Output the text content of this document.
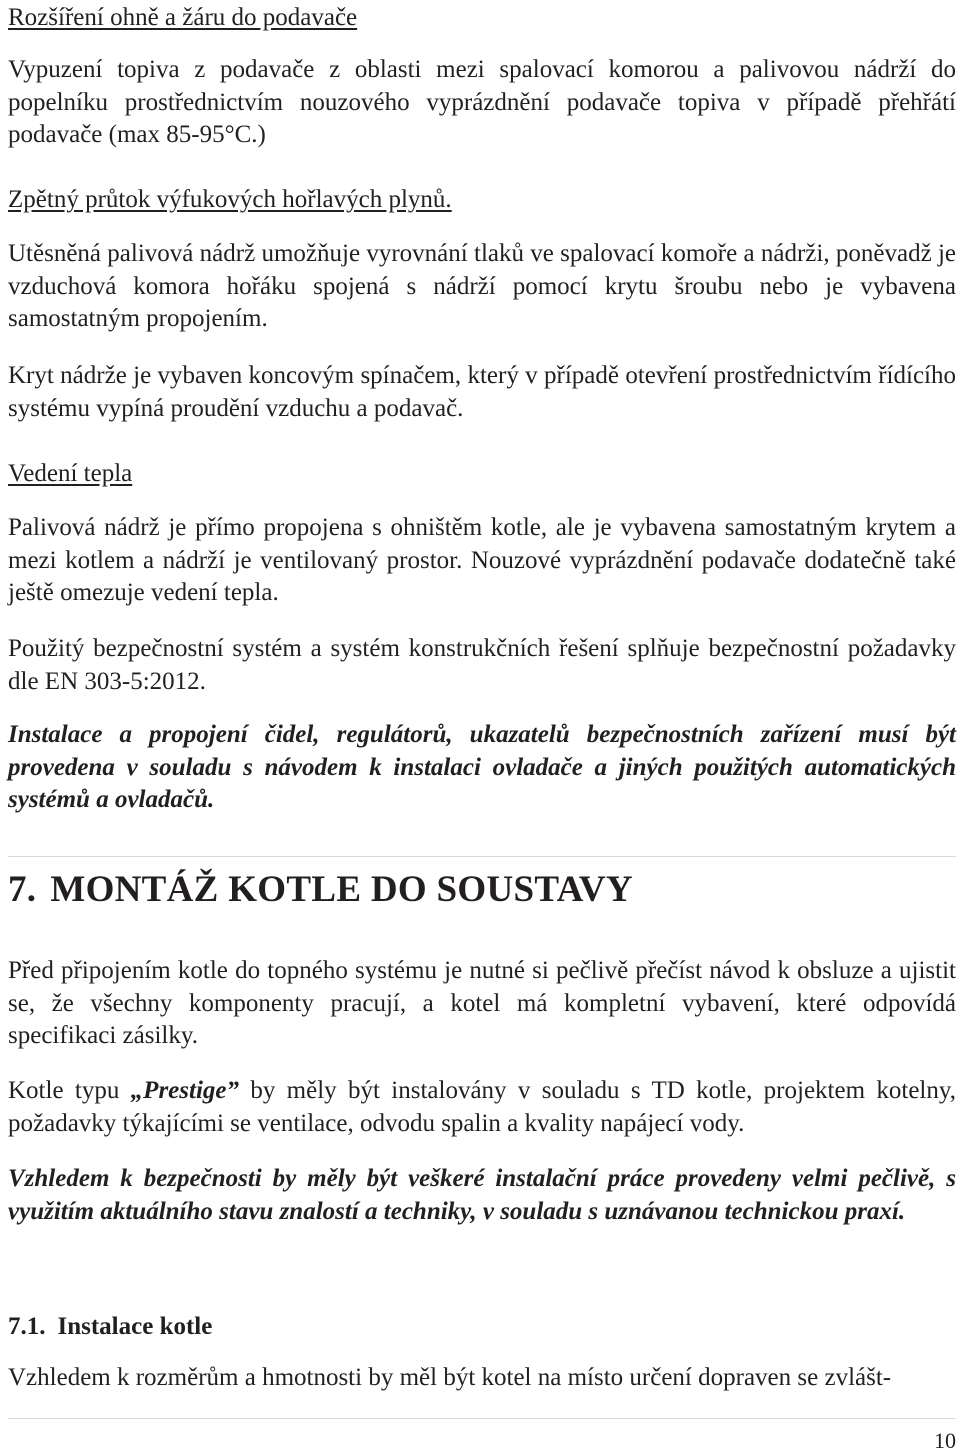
Rozšíření ohně a žáru do podavače
Vypuzení topiva z podavače z oblasti mezi spalovací komorou a palivovou nádrží do popelníku prostřednictvím nouzového vyprázdnění podavače topiva v případě přehřátí podavače (max 85-95°C.)
Zpětný průtok výfukových hořlavých plynů.
Utěsněná palivová nádrž umožňuje vyrovnání tlaků ve spalovací komoře a nádrži, poněvadž je vzduchová komora hořáku spojená s nádrží pomocí krytu šroubu nebo je vybavena samostatným propojením.
Kryt nádrže je vybaven koncovým spínačem, který v případě otevření prostřednictvím řídícího systému vypíná proudění vzduchu a podavač.
Vedení tepla
Palivová nádrž je přímo propojena s ohništěm kotle, ale je vybavena samostatným krytem a mezi kotlem a nádrží je ventilovaný prostor. Nouzové vyprázdnění podavače dodatečně také ještě omezuje vedení tepla.
Použitý bezpečnostní systém a systém konstrukčních řešení splňuje bezpečnostní požadavky dle EN 303-5:2012.
Instalace a propojení čidel, regulátorů, ukazatelů bezpečnostních zařízení musí být provedena v souladu s návodem k instalaci ovladače a jiných použitých automatických systémů a ovladačů.
7. MONTÁŽ KOTLE DO SOUSTAVY
Před připojením kotle do topného systému je nutné si pečlivě přečíst návod k obsluze a ujistit se, že všechny komponenty pracují, a kotel má kompletní vybavení, které odpovídá specifikaci zásilky.
Kotle typu „Prestige” by měly být instalovány v souladu s TD kotle, projektem kotelny, požadavky týkajícími se ventilace, odvodu spalin a kvality napájecí vody.
Vzhledem k bezpečnosti by měly být veškeré instalační práce provedeny velmi pečlivě, s využitím aktuálního stavu znalostí a techniky, v souladu s uznávanou technickou praxí.
7.1. Instalace kotle
Vzhledem k rozměrům a hmotnosti by měl být kotel na místo určení dopraven se zvlášt-
10
